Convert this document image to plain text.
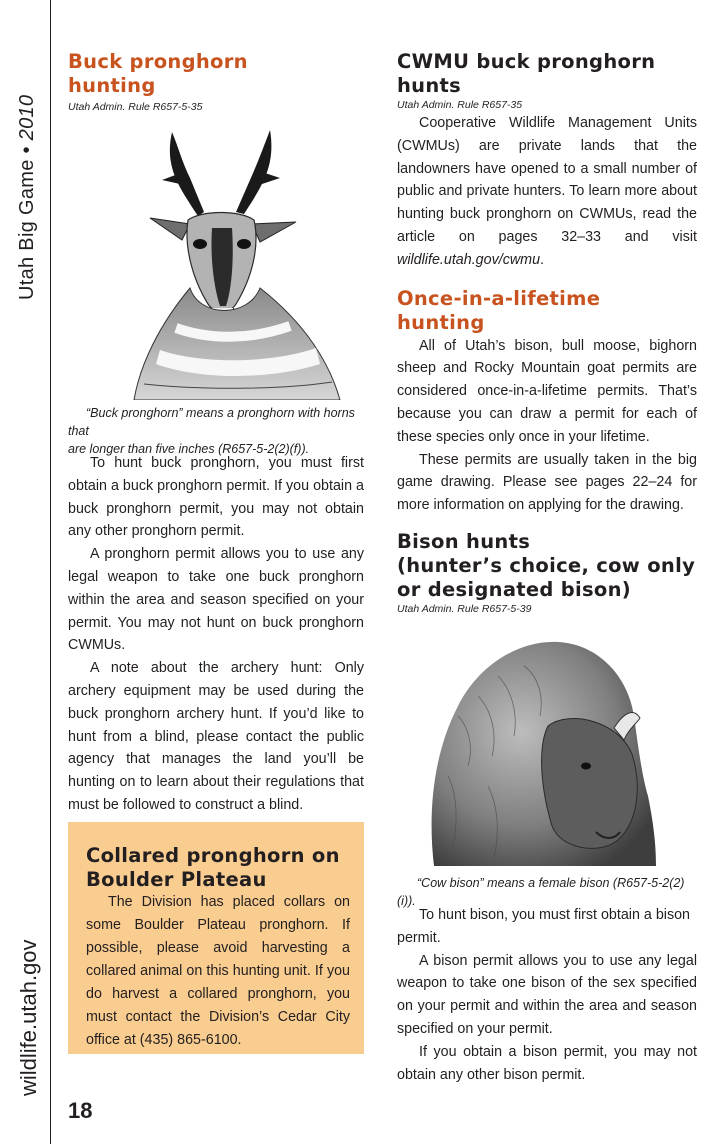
Utah Big Game • 2010
wildlife.utah.gov
Buck pronghorn
hunting
Utah Admin. Rule R657-5-35
“Buck pronghorn” means a pronghorn with horns that
are longer than five inches (R657-5-2(2)(f)).

To hunt buck pronghorn, you must first obtain a buck pronghorn permit. If you obtain a buck pronghorn permit, you may not obtain any other pronghorn permit.

A pronghorn permit allows you to use any legal weapon to take one buck pronghorn within the area and season specified on your permit. You may not hunt on buck pronghorn CWMUs.

A note about the archery hunt: Only archery equipment may be used during the buck pronghorn archery hunt. If you’d like to hunt from a blind, please contact the public agency that manages the land you’ll be hunting on to learn about their regulations that must be followed to construct a blind.

Collared pronghorn on
Boulder Plateau

The Division has placed collars on some Boulder Plateau pronghorn. If possible, please avoid harvesting a collared animal on this hunting unit. If you do harvest a collared pronghorn, you must contact the Division’s Cedar City office at (435) 865-6100.

CWMU buck pronghorn
hunts
Utah Admin. Rule R657-35

Cooperative Wildlife Management Units (CWMUs) are private lands that the landowners have opened to a small number of public and private hunters. To learn more about hunting buck pronghorn on CWMUs, read the article on pages 32–33 and visit wildlife.utah.gov/cwmu.

Once-in-a-lifetime
hunting

All of Utah’s bison, bull moose, bighorn sheep and Rocky Mountain goat permits are considered once-in-a-lifetime permits. That’s because you can draw a permit for each of these species only once in your lifetime.

These permits are usually taken in the big game drawing. Please see pages 22–24 for more information on applying for the drawing.

Bison hunts
(hunter’s choice, cow only
or designated bison)
Utah Admin. Rule R657-5-39
“Cow bison” means a female bison (R657-5-2(2)(i)).

To hunt bison, you must first obtain a bison permit.

A bison permit allows you to use any legal weapon to take one bison of the sex specified on your permit and within the area and season specified on your permit.

If you obtain a bison permit, you may not obtain any other bison permit.

18
